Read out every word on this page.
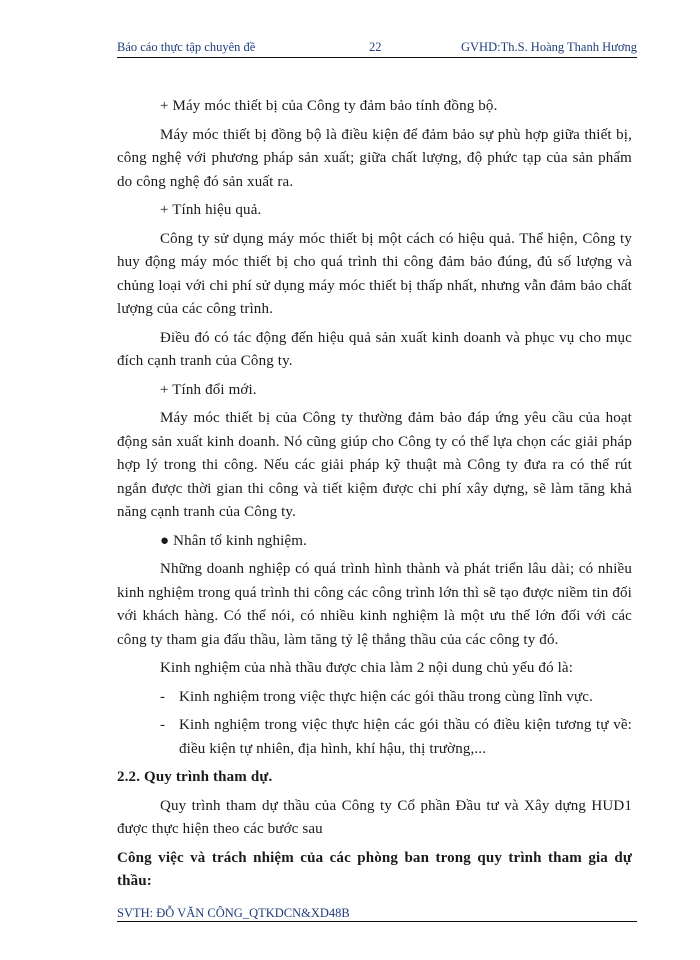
Báo cáo thực tập chuyên đề	22	GVHD:Th.S. Hoàng Thanh Hương

+ Máy móc thiết bị của Công ty đảm bảo tính đồng bộ.

Máy móc thiết bị đồng bộ là điều kiện để đảm bảo sự phù hợp giữa thiết bị, công nghệ với phương pháp sản xuất; giữa chất lượng, độ phức tạp của sản phẩm do công nghệ đó sản xuất ra.

+ Tính hiệu quả.

Công ty sử dụng máy móc thiết bị một cách có hiệu quả. Thể hiện, Công ty huy động máy móc thiết bị cho quá trình thi công đảm bảo đúng, đủ số lượng và chủng loại với chi phí sử dụng máy móc thiết bị thấp nhất, nhưng vẫn đảm bảo chất lượng của các công trình.

Điều đó có tác động đến hiệu quả sản xuất kinh doanh và phục vụ cho mục đích cạnh tranh của Công ty.

+ Tính đổi mới.

Máy móc thiết bị của Công ty thường đảm bảo đáp ứng yêu cầu của hoạt động sản xuất kinh doanh. Nó cũng giúp cho Công ty có thể lựa chọn các giải pháp hợp lý trong thi công. Nếu các giải pháp kỹ thuật mà Công ty đưa ra có thể rút ngắn được thời gian thi công và tiết kiệm được chi phí xây dựng, sẽ làm tăng khả năng cạnh tranh của Công ty.

● Nhân tố kinh nghiệm.

Những doanh nghiệp có quá trình hình thành và phát triển lâu dài; có nhiều kinh nghiệm trong quá trình thi công các công trình lớn thì sẽ tạo được niềm tin đối với khách hàng. Có thể nói, có nhiều kinh nghiệm là một ưu thế lớn đối với các công ty tham gia đấu thầu, làm tăng tỷ lệ thắng thầu của các công ty đó.

Kinh nghiệm của nhà thầu được chia làm 2 nội dung chủ yếu đó là:

- Kinh nghiệm trong việc thực hiện các gói thầu trong cùng lĩnh vực.

- Kinh nghiệm trong việc thực hiện các gói thầu có điều kiện tương tự về: điều kiện tự nhiên, địa hình, khí hậu, thị trường,...

2.2. Quy trình tham dự.

Quy trình tham dự thầu của Công ty Cổ phần Đầu tư và Xây dựng HUD1 được thực hiện theo các bước sau

Công việc và trách nhiệm của các phòng ban trong quy trình tham gia dự thầu:

SVTH: ĐỖ VĂN CÔNG_QTKDCN&XD48B
